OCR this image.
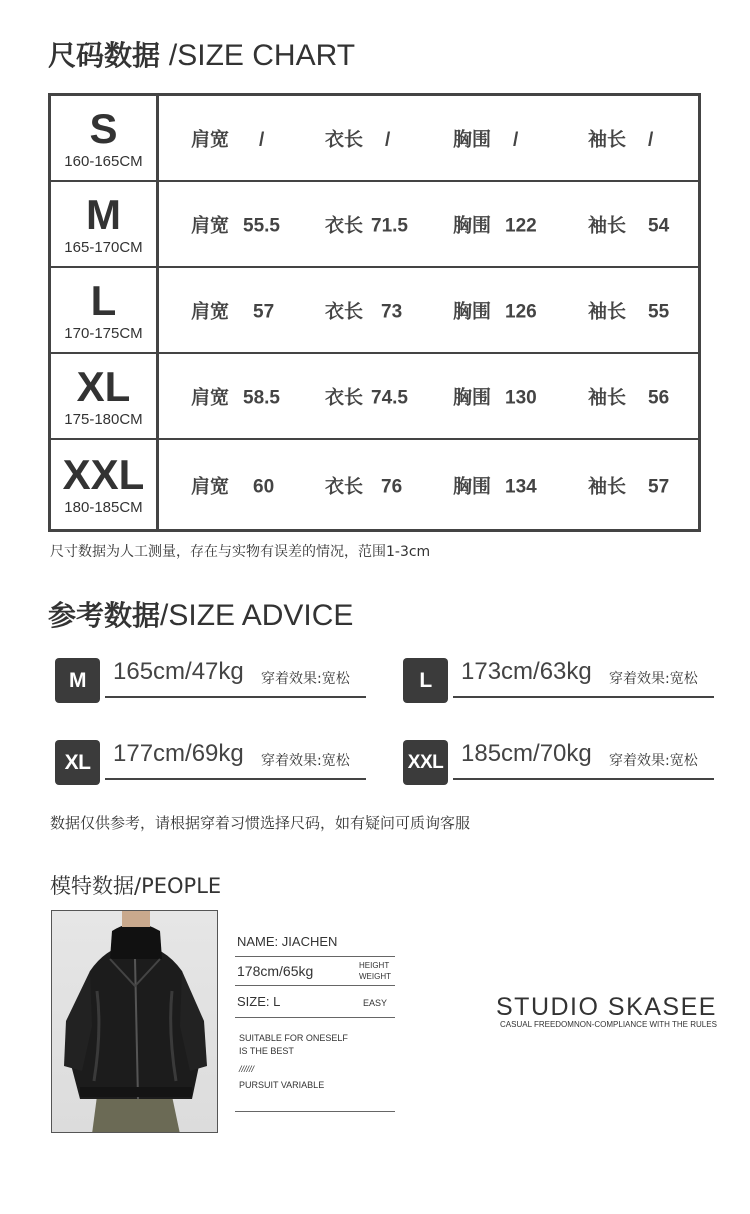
尺码数据 /SIZE CHART
S
160-165CM
肩宽 /	衣长 /	胸围 /	袖长 /
M
165-170CM
肩宽 55.5 衣长 71.5 胸围 122	袖长 54
L
170-175CM
肩宽 57	衣长 73	胸围 126	袖长 55
XL
175-180CM
肩宽 58.5 衣长 74.5 胸围 130	袖长 56
XXL
180-185CM
肩宽 60	衣长 76	胸围 134	袖长 57
尺寸数据为人工测量，存在与实物有误差的情况，范围1-3cm
参考数据/SIZE ADVICE
M	165cm/47kg 穿着效果:宽松	L	173cm/63kg 穿着效果:宽松
XL 177cm/69kg 穿着效果:宽松	XXL 185cm/70kg 穿着效果:宽松
数据仅供参考，请根据穿着习惯选择尺码，如有疑问可质询客服
模特数据/PEOPLE
NAME: JIACHEN
178cm/65kg	HEIGHT
WEIGHT
SIZE: L	EASY
SUITABLE FOR ONESELF
IS THE BEST
//////
PURSUIT VARIABLE
STUDIO SKASEE
CASUAL FREEDOMNON-COMPLIANCE WITH THE RULES
